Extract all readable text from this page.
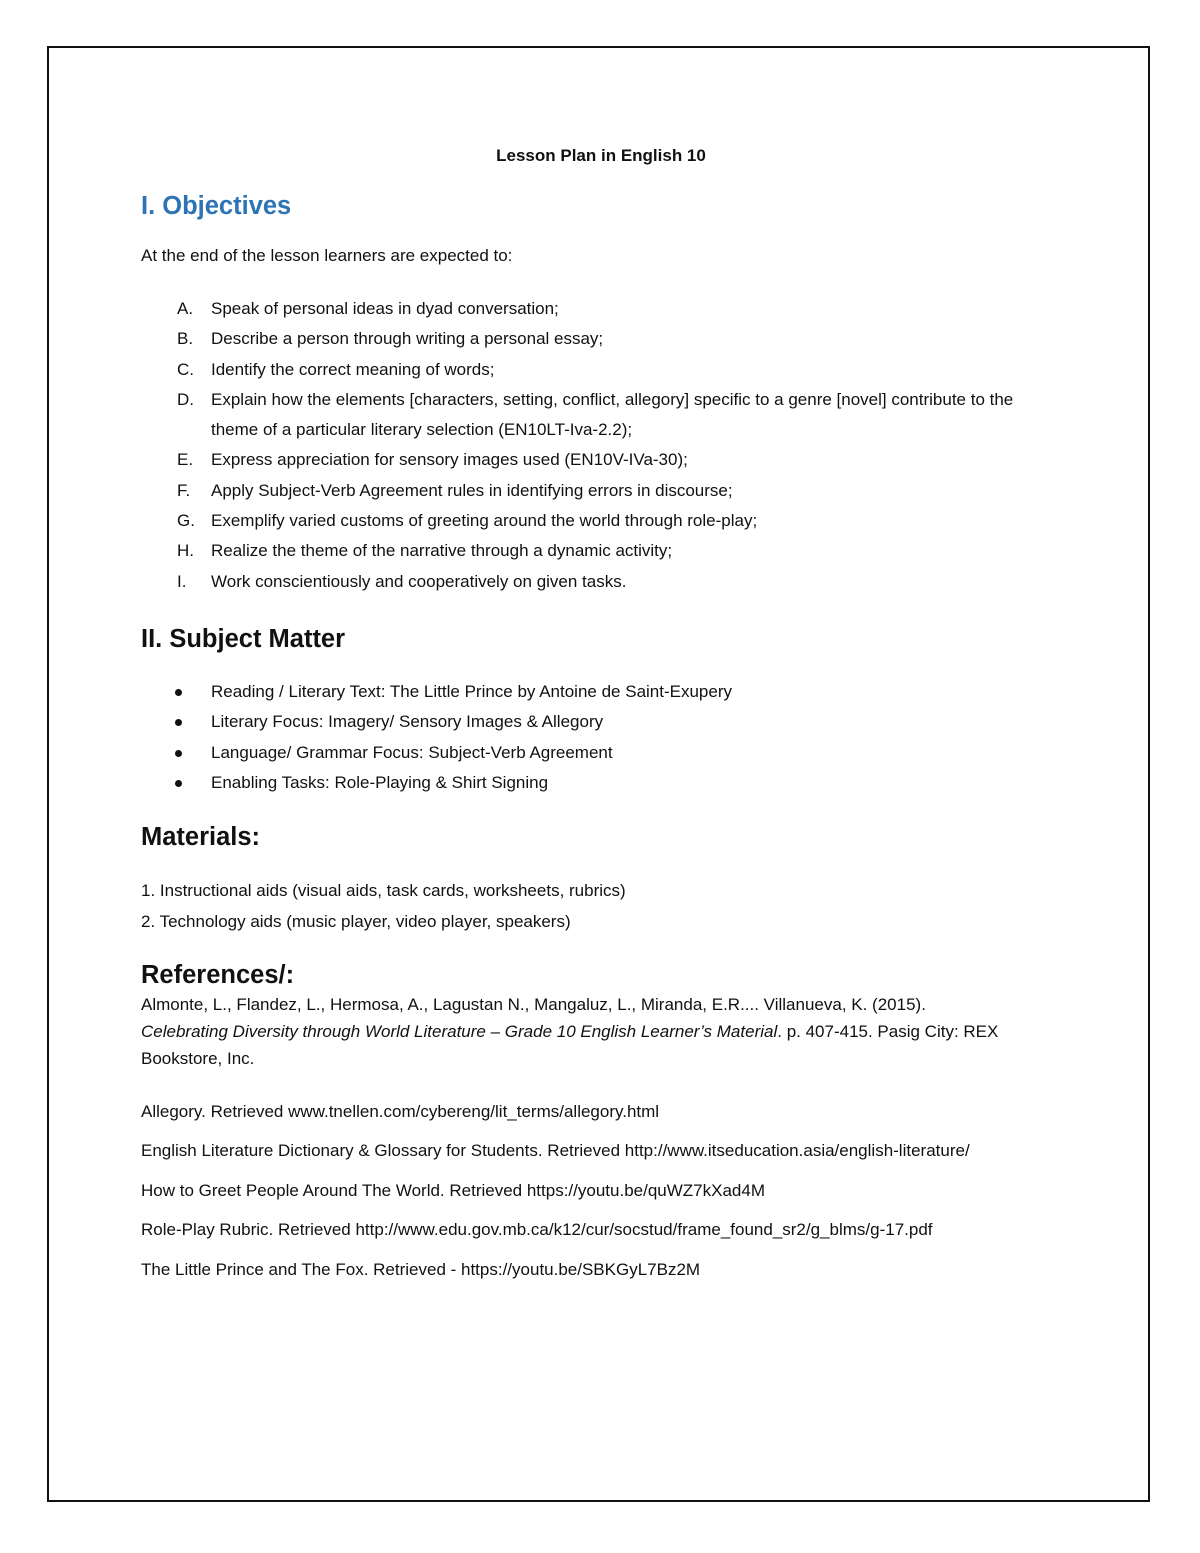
Lesson Plan in English 10
I. Objectives

At the end of the lesson learners are expected to:

A. Speak of personal ideas in dyad conversation;
B. Describe a person through writing a personal essay;
C. Identify the correct meaning of words;
D. Explain how the elements [characters, setting, conflict, allegory] specific to a genre [novel] contribute to the theme of a particular literary selection (EN10LT-Iva-2.2);
E. Express appreciation for sensory images used (EN10V-IVa-30);
F. Apply Subject-Verb Agreement rules in identifying errors in discourse;
G. Exemplify varied customs of greeting around the world through role-play;
H. Realize the theme of the narrative through a dynamic activity;
I. Work conscientiously and cooperatively on given tasks.
II. Subject Matter
Reading / Literary Text: The Little Prince by Antoine de Saint-Exupery
Literary Focus: Imagery/ Sensory Images & Allegory
Language/ Grammar Focus: Subject-Verb Agreement
Enabling Tasks: Role-Playing & Shirt Signing
Materials:
1. Instructional aids (visual aids, task cards, worksheets, rubrics)
2. Technology aids (music player, video player, speakers)
References/:

Almonte, L., Flandez, L., Hermosa, A., Lagustan N., Mangaluz, L., Miranda, E.R.... Villanueva, K. (2015).
Celebrating Diversity through World Literature – Grade 10 English Learner’s Material. p. 407-415. Pasig City: REX Bookstore, Inc.

Allegory. Retrieved www.tnellen.com/cybereng/lit_terms/allegory.html
English Literature Dictionary & Glossary for Students. Retrieved http://www.itseducation.asia/english-literature/
How to Greet People Around The World. Retrieved https://youtu.be/quWZ7kXad4M
Role-Play Rubric. Retrieved http://www.edu.gov.mb.ca/k12/cur/socstud/frame_found_sr2/g_blms/g-17.pdf
The Little Prince and The Fox. Retrieved - https://youtu.be/SBKGyL7Bz2M
